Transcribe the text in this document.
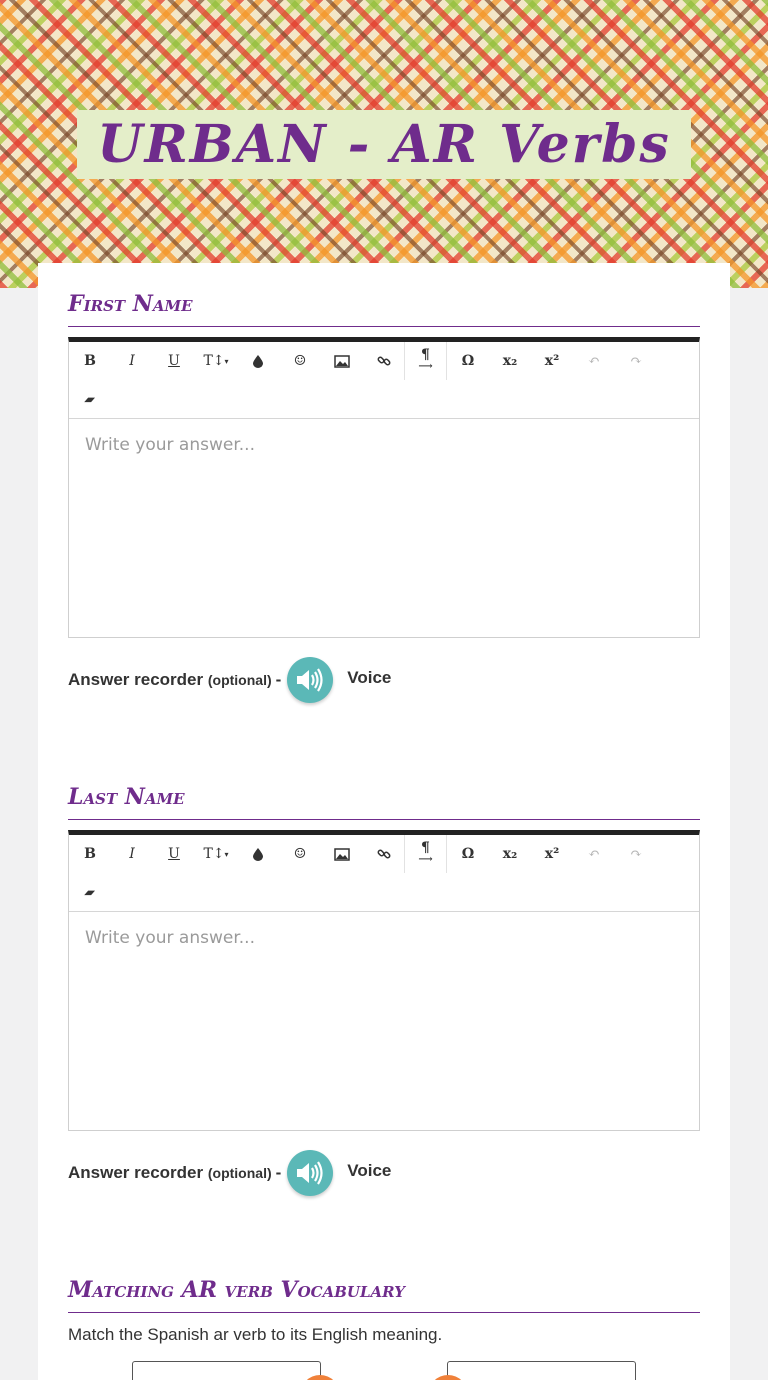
URBAN - AR Verbs
First Name
B	I	U	T↕ ▾	☺	¶
⟶	Ω	x₂	x²	↶	↷
▰
Write your answer...
Answer recorder (optional) -	Voice
Last Name
B	I	U	T↕ ▾	☺	¶
⟶	Ω	x₂	x²	↶	↷
▰
Write your answer...
Answer recorder (optional) -	Voice
Matching AR verb Vocabulary
Match the Spanish ar verb to its English meaning.
